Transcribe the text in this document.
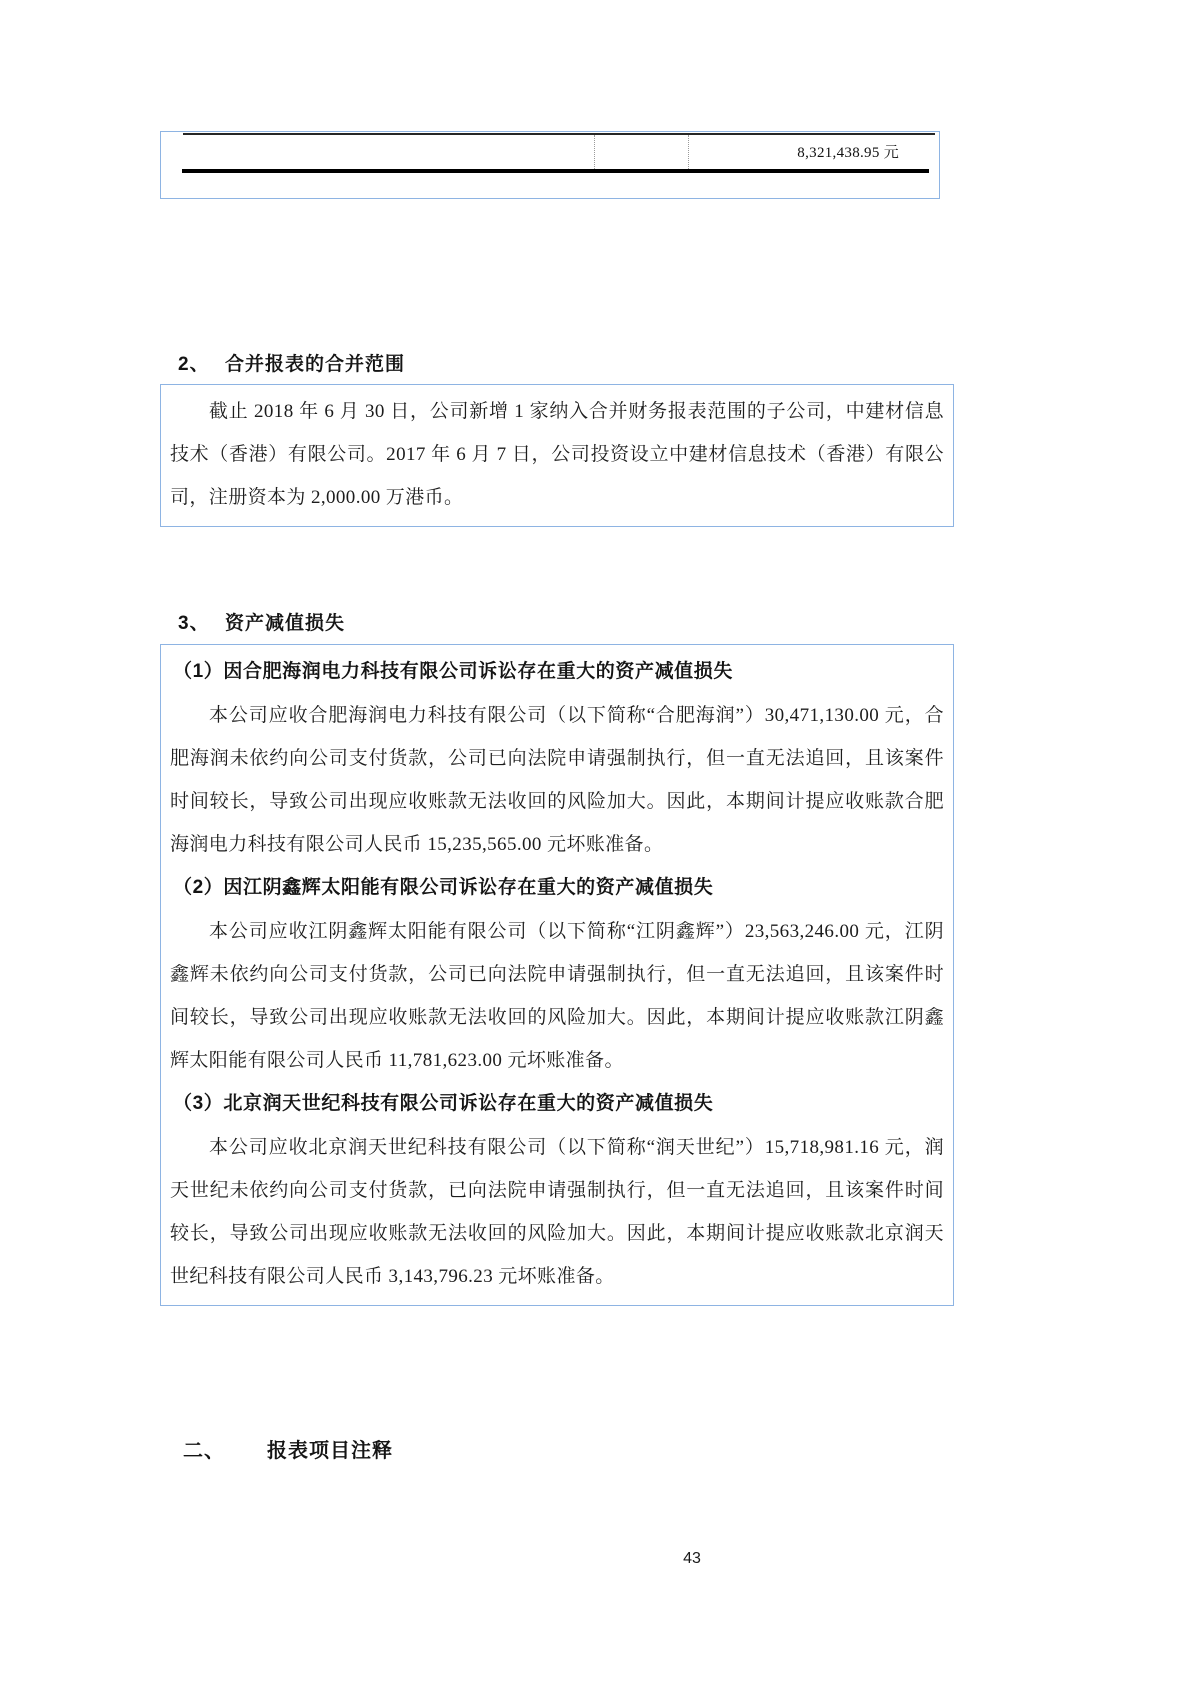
8,321,438.95 元
2、 合并报表的合并范围

截止 2018 年 6 月 30 日，公司新增 1 家纳入合并财务报表范围的子公司，中建材信息技术（香港）有限公司。2017 年 6 月 7 日，公司投资设立中建材信息技术（香港）有限公司，注册资本为 2,000.00 万港币。

3、 资产减值损失
（1）因合肥海润电力科技有限公司诉讼存在重大的资产减值损失

本公司应收合肥海润电力科技有限公司（以下简称“合肥海润”）30,471,130.00 元，合肥海润未依约向公司支付货款，公司已向法院申请强制执行，但一直无法追回，且该案件时间较长，导致公司出现应收账款无法收回的风险加大。因此，本期间计提应收账款合肥海润电力科技有限公司人民币 15,235,565.00 元坏账准备。

（2）因江阴鑫辉太阳能有限公司诉讼存在重大的资产减值损失

本公司应收江阴鑫辉太阳能有限公司（以下简称“江阴鑫辉”）23,563,246.00 元，江阴鑫辉未依约向公司支付货款，公司已向法院申请强制执行，但一直无法追回，且该案件时间较长，导致公司出现应收账款无法收回的风险加大。因此，本期间计提应收账款江阴鑫辉太阳能有限公司人民币 11,781,623.00 元坏账准备。

（3）北京润天世纪科技有限公司诉讼存在重大的资产减值损失

本公司应收北京润天世纪科技有限公司（以下简称“润天世纪”）15,718,981.16 元，润天世纪未依约向公司支付货款，已向法院申请强制执行，但一直无法追回，且该案件时间较长，导致公司出现应收账款无法收回的风险加大。因此，本期间计提应收账款北京润天世纪科技有限公司人民币 3,143,796.23 元坏账准备。

二、	报表项目注释
43
